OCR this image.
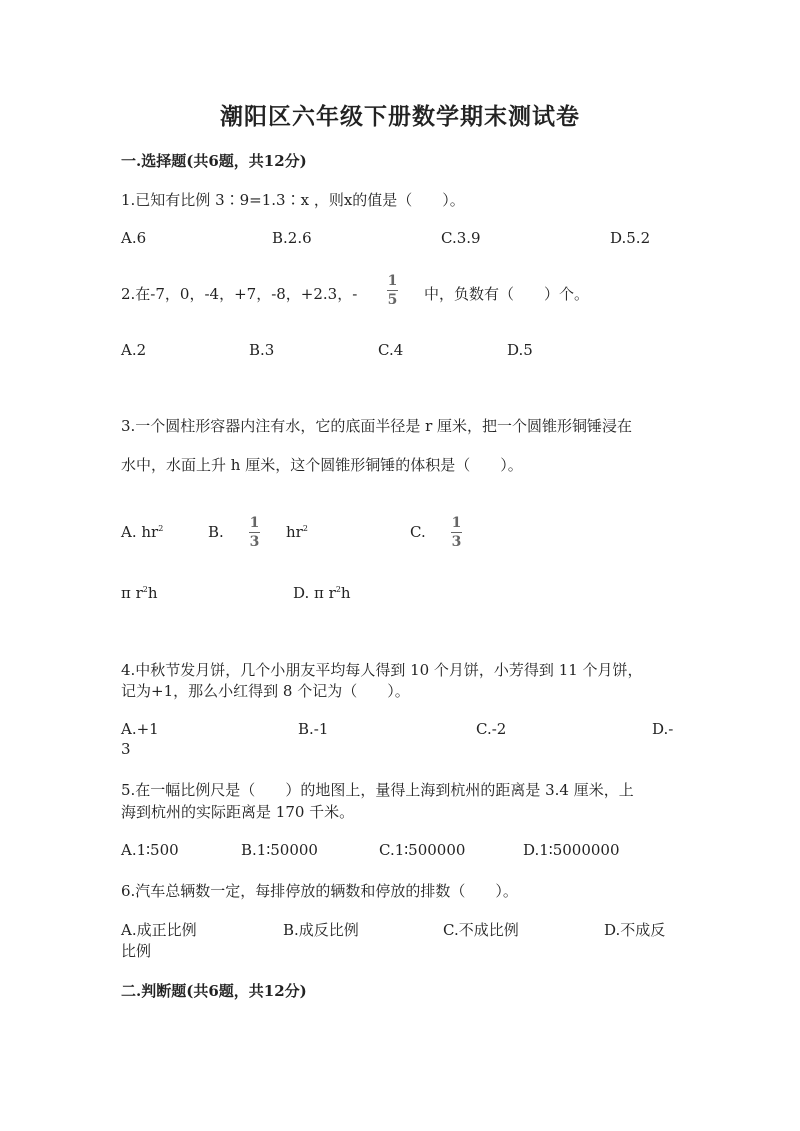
潮阳区六年级下册数学期末测试卷
一.选择题(共6题，共12分)
1.已知有比例 3∶9=1.3∶x ，则x的值是（　　）。
A.6	B.2.6	C.3.9	D.5.2
2.在-7，0，-4，+7，-8，+2.3，-
1
5 中，负数有（　　）个。
A.2	B.3	C.4	D.5
3.一个圆柱形容器内注有水，它的底面半径是 r 厘米，把一个圆锥形铜锤浸在
水中，水面上升 h 厘米，这个圆锥形铜锤的体积是（　　）。
A. $hr^2$	B. 1
3
$hr^2$	C. 1
3
π $r^2h$	D. π $r^2h$
4.中秋节发月饼，几个小朋友平均每人得到 10 个月饼，小芳得到 11 个月饼，
记为+1，那么小红得到 8 个记为（　　）。
A.+1	B.-1	C.-2	D.-
3
5.在一幅比例尺是（　　）的地图上，量得上海到杭州的距离是 3.4 厘米，上
海到杭州的实际距离是 170 千米。
A.1∶500	B.1∶50000	C.1∶500000	D.1∶5000000
6.汽车总辆数一定，每排停放的辆数和停放的排数（　　）。
A.成正比例	B.成反比例	C.不成比例	D.不成反
比例
二.判断题(共6题，共12分)
